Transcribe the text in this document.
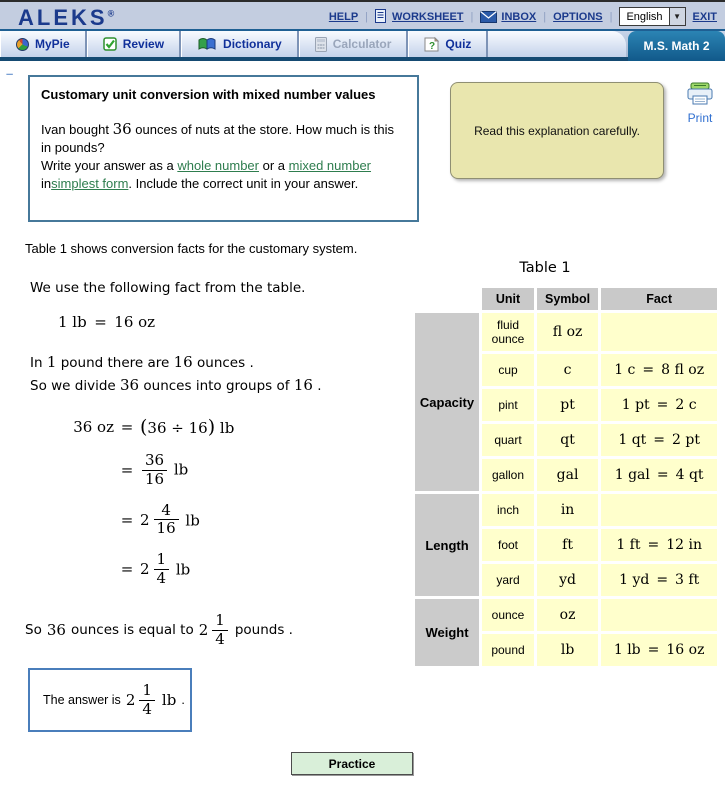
ALEKS®	HELP | WORKSHEET |	INBOX | OPTIONS |	English	▼	EXIT
MyPie	Review	Dictionary	Calculator	? Quiz	M.S. Math 2
–
Customary unit conversion with mixed number values
Ivan bought 36 ounces of nuts at the store. How much is this in pounds?
Write your answer as a whole number or a mixed number insimplest form. Include the correct unit in your answer.
Read this explanation carefully.
Print
Table 1 shows conversion facts for the customary system.
We use the following fact from the table.
1 lb = 16 oz
In 1 pound there are 16 ounces .
So we divide 36 ounces into groups of 16 .
36 oz = (36 ÷ 16) lb
= $\frac{36}{16}$ lb
= 2
4
16 lb
= 2
1
4 lb
So 36 ounces is equal to 2
1
4 pounds .
The answer is 2
1
4 lb .
Practice
Table 1
	Unit	Symbol	Fact
Capacity	fluid ounce	fl oz	
	cup	c	1 c = 8 fl oz
	pint	pt	1 pt = 2 c
	quart	qt	1 qt = 2 pt
	gallon	gal	1 gal = 4 qt
Length	inch	in	
	foot	ft	1 ft = 12 in
	yard	yd	1 yd = 3 ft
Weight	ounce	oz	
	pound	lb	1 lb = 16 oz
